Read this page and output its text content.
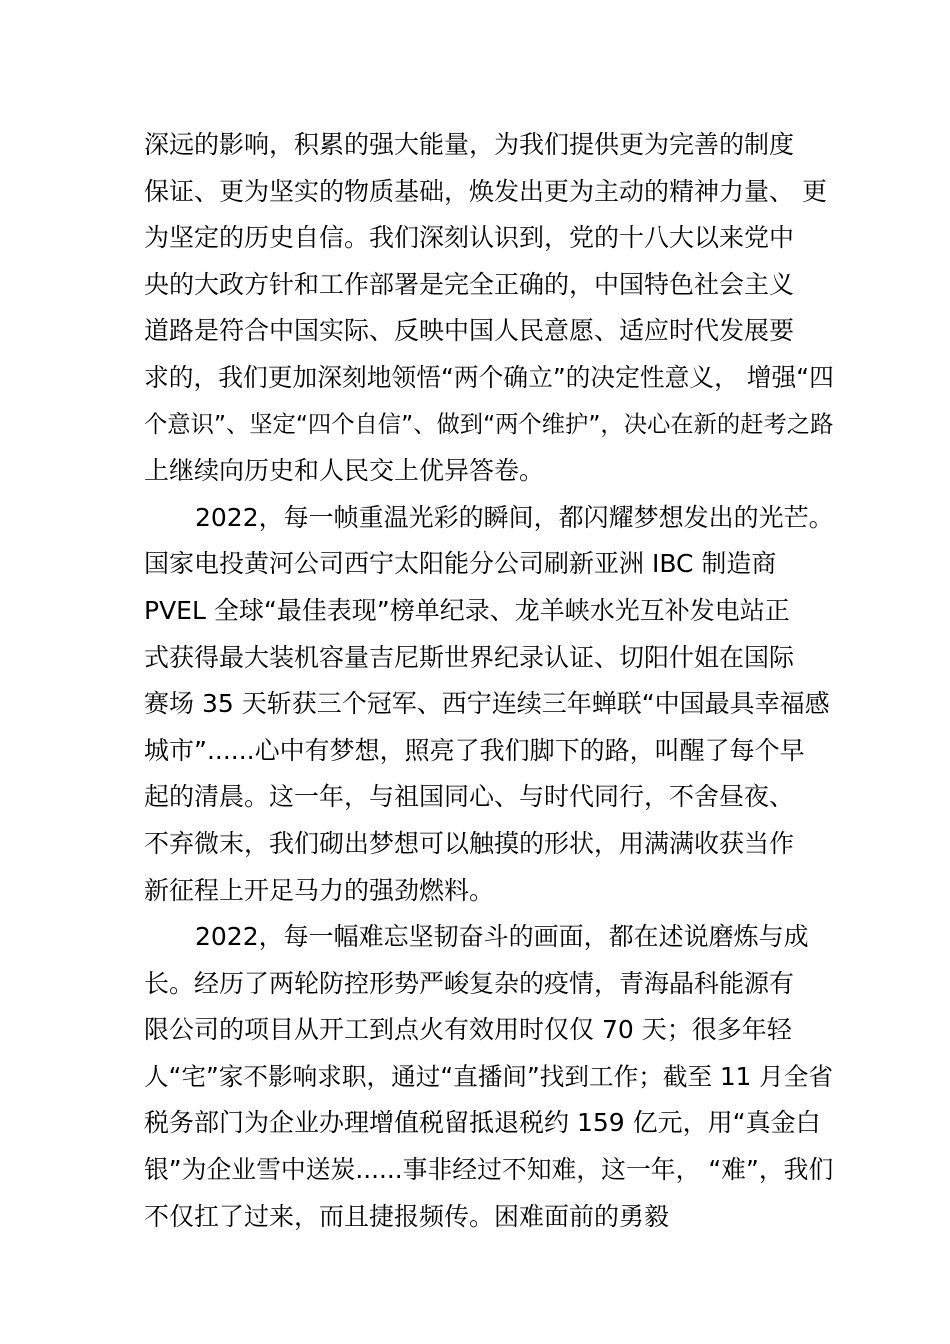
深远的影响，积累的强大能量，为我们提供更为完善的制度
保证、更为坚实的物质基础，焕发出更为主动的精神力量、 更
为坚定的历史自信。我们深刻认识到，党的十八大以来党中
央的大政方针和工作部署是完全正确的，中国特色社会主义
道路是符合中国实际、反映中国人民意愿、适应时代发展要
求的，我们更加深刻地领悟“两个确立”的决定性意义， 增强“四
个意识”、坚定“四个自信”、做到“两个维护”，决心在新的赶考之路
上继续向历史和人民交上优异答卷。
2022，每一帧重温光彩的瞬间，都闪耀梦想发出的光芒。
国家电投黄河公司西宁太阳能分公司刷新亚洲 IBC 制造商
PVEL 全球“最佳表现”榜单纪录、龙羊峡水光互补发电站正
式获得最大装机容量吉尼斯世界纪录认证、切阳什姐在国际
赛场 35 天斩获三个冠军、西宁连续三年蝉联“中国最具幸福感
城市”......心中有梦想，照亮了我们脚下的路，叫醒了每个早
起的清晨。这一年，与祖国同心、与时代同行，不舍昼夜、
不弃微末，我们砌出梦想可以触摸的形状，用满满收获当作
新征程上开足马力的强劲燃料。
2022，每一幅难忘坚韧奋斗的画面，都在述说磨炼与成
长。经历了两轮防控形势严峻复杂的疫情，青海晶科能源有
限公司的项目从开工到点火有效用时仅仅 70 天；很多年轻
人“宅”家不影响求职，通过“直播间”找到工作；截至 11 月全省
税务部门为企业办理增值税留抵退税约 159 亿元，用“真金白
银”为企业雪中送炭......事非经过不知难，这一年， “难”，我们
不仅扛了过来，而且捷报频传。困难面前的勇毅
